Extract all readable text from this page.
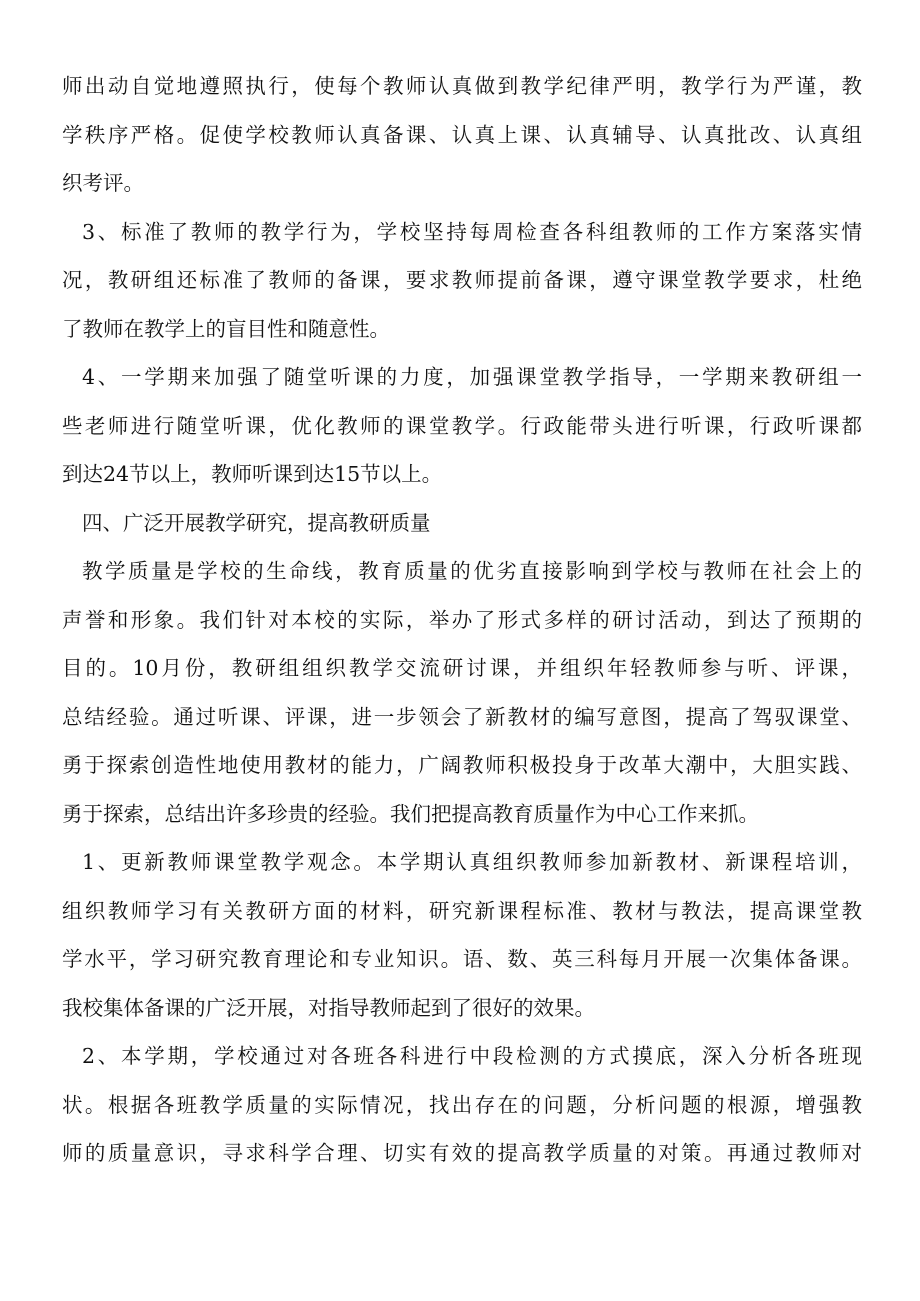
师出动自觉地遵照执行，使每个教师认真做到教学纪律严明，教学行为严谨，教
学秩序严格。促使学校教师认真备课、认真上课、认真辅导、认真批改、认真组
织考评。
3、标准了教师的教学行为，学校坚持每周检查各科组教师的工作方案落实情
况，教研组还标准了教师的备课，要求教师提前备课，遵守课堂教学要求，杜绝
了教师在教学上的盲目性和随意性。
4、一学期来加强了随堂听课的力度，加强课堂教学指导，一学期来教研组一
些老师进行随堂听课，优化教师的课堂教学。行政能带头进行听课，行政听课都
到达24节以上，教师听课到达15节以上。
四、广泛开展教学研究，提高教研质量
教学质量是学校的生命线，教育质量的优劣直接影响到学校与教师在社会上的
声誉和形象。我们针对本校的实际，举办了形式多样的研讨活动，到达了预期的
目的。10月份，教研组组织教学交流研讨课，并组织年轻教师参与听、评课，
总结经验。通过听课、评课，进一步领会了新教材的编写意图，提高了驾驭课堂、
勇于探索创造性地使用教材的能力，广阔教师积极投身于改革大潮中，大胆实践、
勇于探索，总结出许多珍贵的经验。我们把提高教育质量作为中心工作来抓。
1、更新教师课堂教学观念。本学期认真组织教师参加新教材、新课程培训，
组织教师学习有关教研方面的材料，研究新课程标准、教材与教法，提高课堂教
学水平，学习研究教育理论和专业知识。语、数、英三科每月开展一次集体备课。
我校集体备课的广泛开展，对指导教师起到了很好的效果。
2、本学期，学校通过对各班各科进行中段检测的方式摸底，深入分析各班现
状。根据各班教学质量的实际情况，找出存在的问题，分析问题的根源，增强教
师的质量意识，寻求科学合理、切实有效的提高教学质量的对策。再通过教师对
